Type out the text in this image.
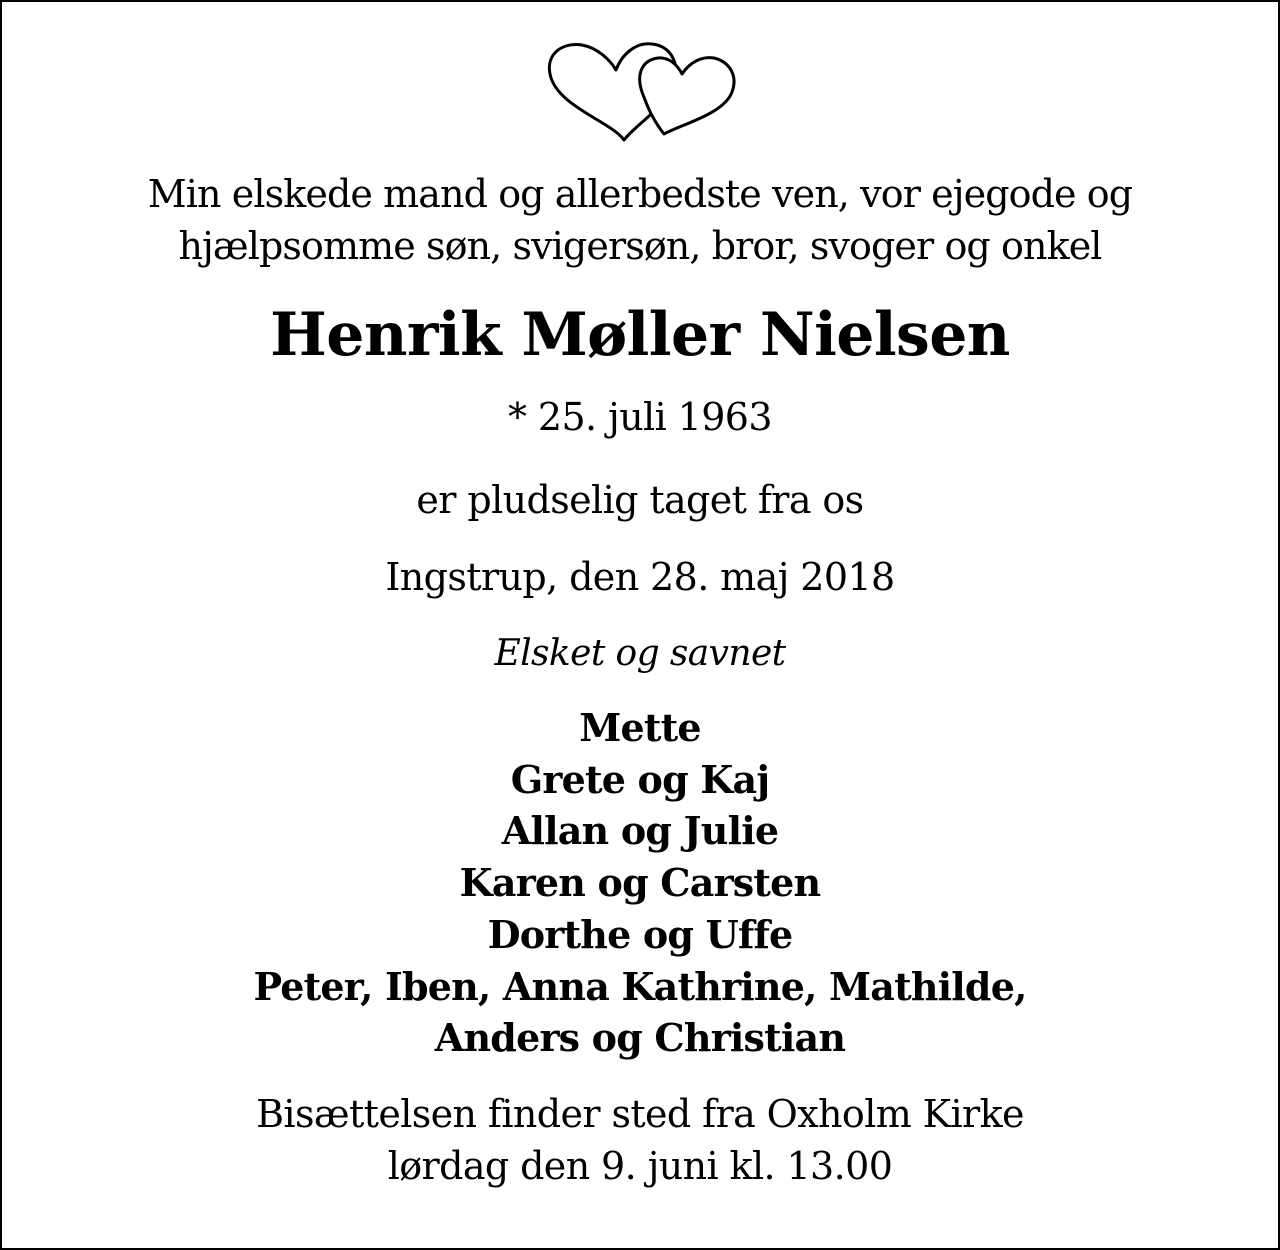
Min elskede mand og allerbedste ven, vor ejegode og
hjælpsomme søn, svigersøn, bror, svoger og onkel
Henrik Møller Nielsen
* 25. juli 1963
er pludselig taget fra os
Ingstrup, den 28. maj 2018
Elsket og savnet
Mette
Grete og Kaj
Allan og Julie
Karen og Carsten
Dorthe og Uffe
Peter, Iben, Anna Kathrine, Mathilde,
Anders og Christian
Bisættelsen finder sted fra Oxholm Kirke
lørdag den 9. juni kl. 13.00
